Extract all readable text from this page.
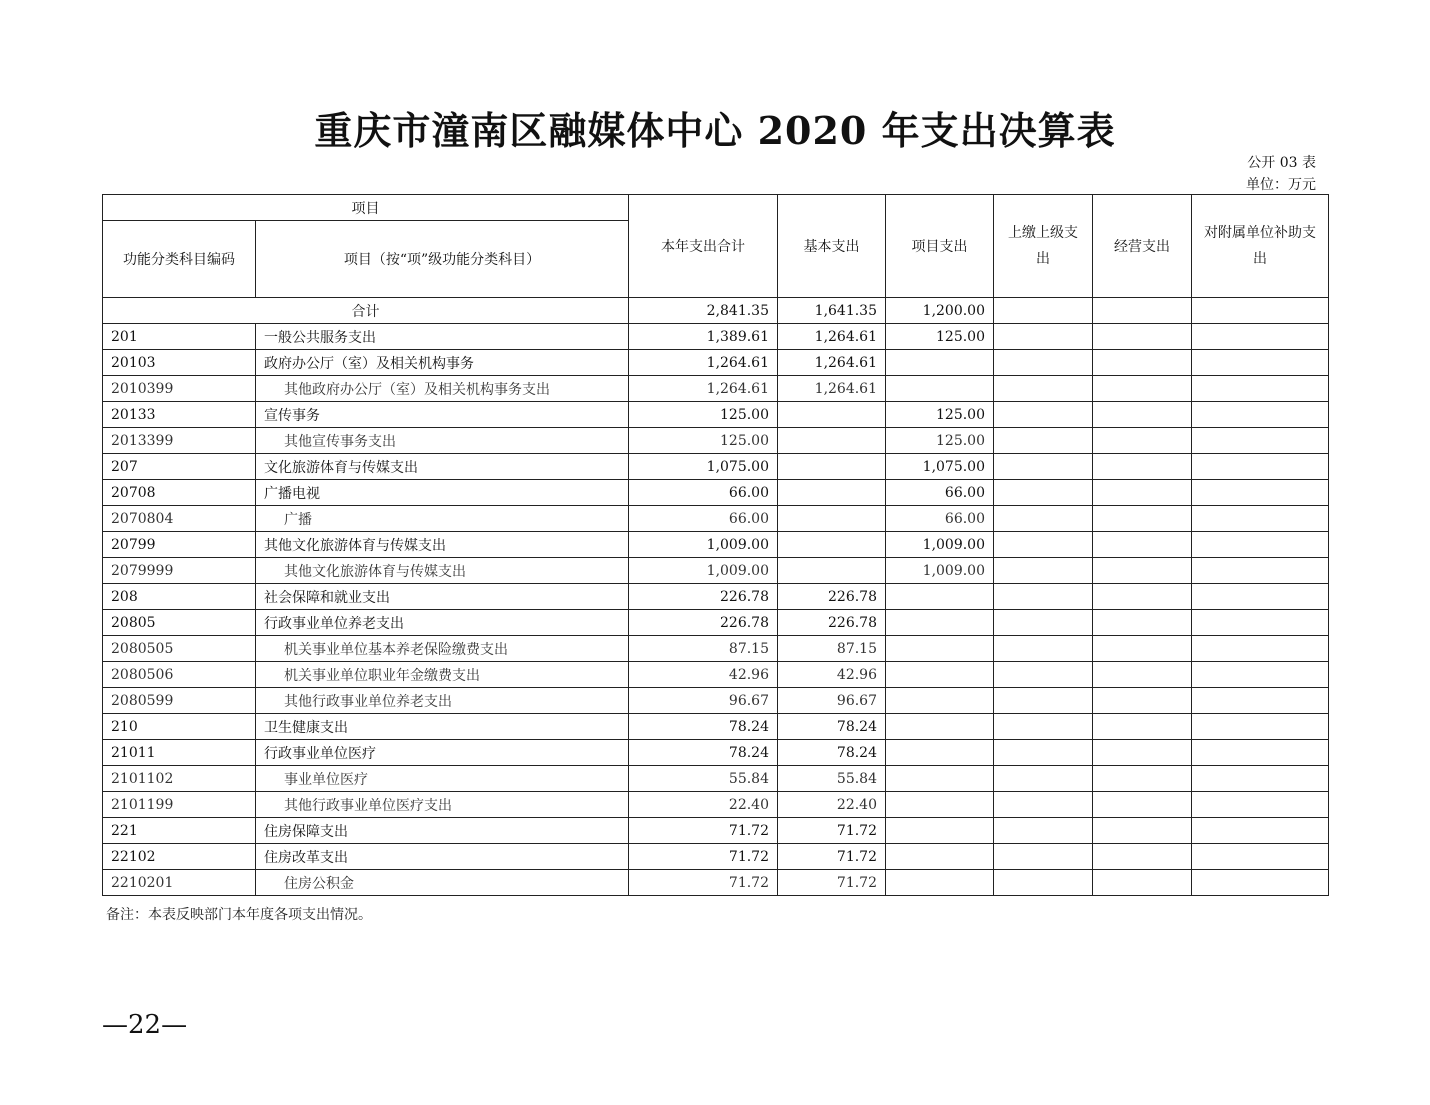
重庆市潼南区融媒体中心 2020 年支出决算表
公开 03 表
单位：万元
项目		本年支出合计	基本支出	项目支出	上缴上级支出	经营支出	对附属单位补助支出
功能分类科目编码	项目（按“项”级功能分类科目）						
合计		2,841.35	1,641.35	1,200.00			
201	一般公共服务支出	1,389.61	1,264.61	125.00			
20103	政府办公厅（室）及相关机构事务	1,264.61	1,264.61				
2010399	其他政府办公厅（室）及相关机构事务支出	1,264.61	1,264.61				
20133	宣传事务	125.00		125.00			
2013399	其他宣传事务支出	125.00		125.00			
207	文化旅游体育与传媒支出	1,075.00		1,075.00			
20708	广播电视	66.00		66.00			
2070804	广播	66.00		66.00			
20799	其他文化旅游体育与传媒支出	1,009.00		1,009.00			
2079999	其他文化旅游体育与传媒支出	1,009.00		1,009.00			
208	社会保障和就业支出	226.78	226.78				
20805	行政事业单位养老支出	226.78	226.78				
2080505	机关事业单位基本养老保险缴费支出	87.15	87.15				
2080506	机关事业单位职业年金缴费支出	42.96	42.96				
2080599	其他行政事业单位养老支出	96.67	96.67				
210	卫生健康支出	78.24	78.24				
21011	行政事业单位医疗	78.24	78.24				
2101102	事业单位医疗	55.84	55.84				
2101199	其他行政事业单位医疗支出	22.40	22.40				
221	住房保障支出	71.72	71.72				
22102	住房改革支出	71.72	71.72				
2210201	住房公积金	71.72	71.72				
备注：本表反映部门本年度各项支出情况。
—22—
